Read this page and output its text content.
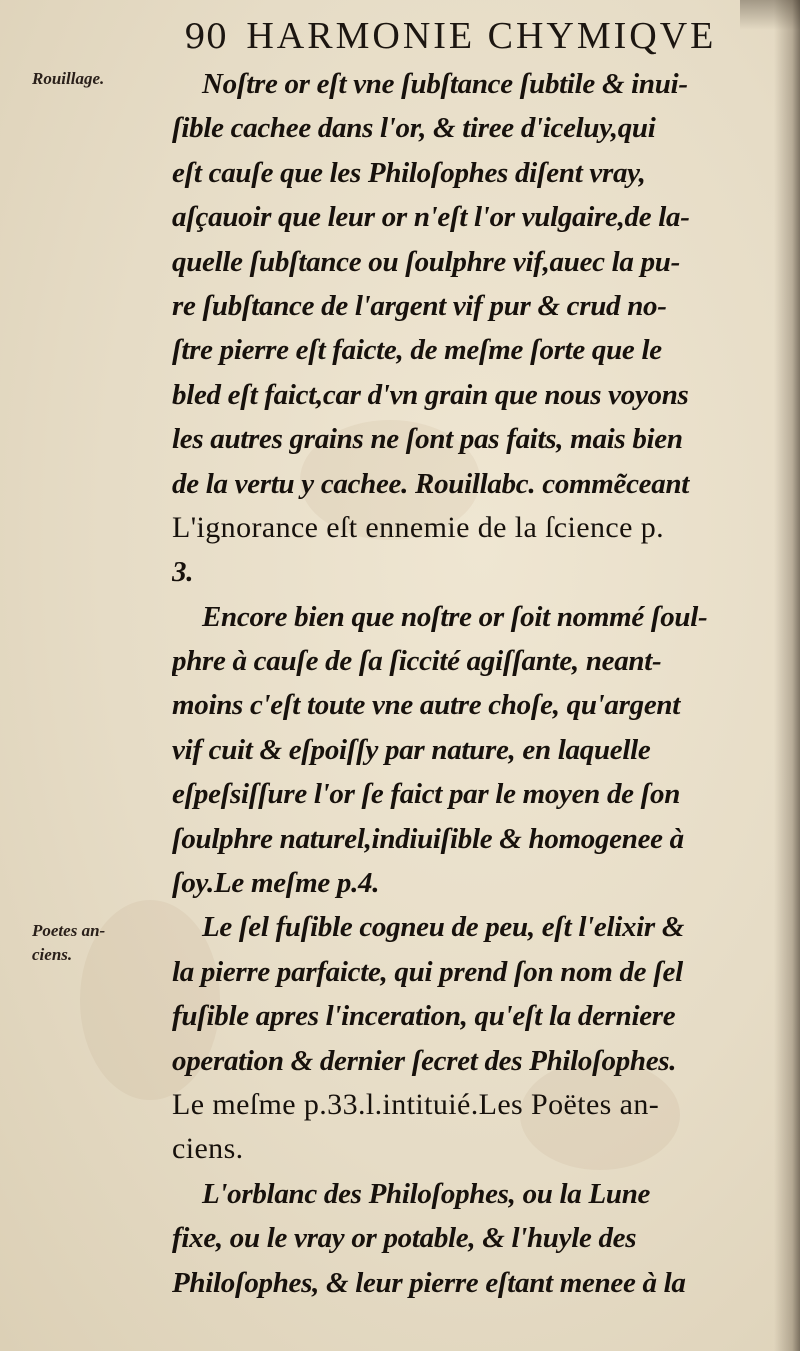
90 HARMONIE CHYMIQVE
Rouillage.
Poetes an-
ciens.
Noſtre or eſt vne ſubſtance ſubtile & inui-
ſible cachee dans l'or, & tiree d'iceluy,qui
eſt cauſe que les Philoſophes diſent vray,
aſçauoir que leur or n'eſt l'or vulgaire,de la-
quelle ſubſtance ou ſoulphre vif,auec la pu-
re ſubſtance de l'argent vif pur & crud no-
ſtre pierre eſt faicte, de meſme ſorte que le
bled eſt faict,car d'vn grain que nous voyons
les autres grains ne ſont pas faits, mais bien
de la vertu y cachee. Rouillabc. commẽceant
L'ignorance eſt ennemie de la ſcience p.
3.
Encore bien que noſtre or ſoit nommé ſoul-
phre à cauſe de ſa ſiccité agiſſante, neant-
moins c'eſt toute vne autre choſe, qu'argent
vif cuit & eſpoiſſy par nature, en laquelle
eſpeſsiſſure l'or ſe faict par le moyen de ſon
ſoulphre naturel,indiuiſible & homogenee à
ſoy.Le meſme p.4.
Le ſel fuſible cogneu de peu, eſt l'elixir &
la pierre parfaicte, qui prend ſon nom de ſel
fuſible apres l'inceration, qu'eſt la derniere
operation & dernier ſecret des Philoſophes.
Le meſme p.33.l.intituié.Les Poëtes an-
ciens.
L'orblanc des Philoſophes, ou la Lune
fixe, ou le vray or potable, & l'huyle des
Philoſophes, & leur pierre eſtant menee à la
